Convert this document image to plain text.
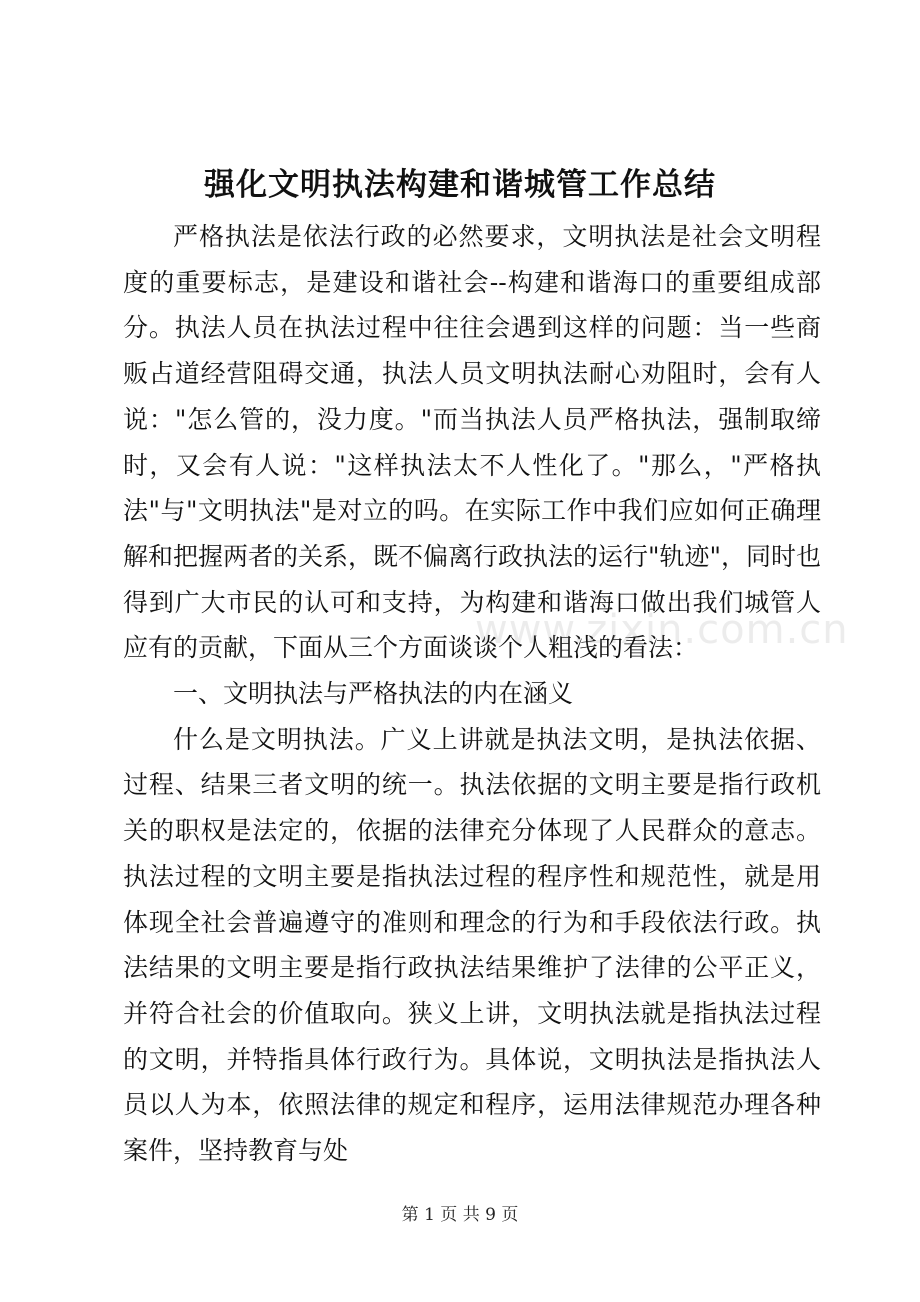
强化文明执法构建和谐城管工作总结

严格执法是依法行政的必然要求，文明执法是社会文明程度的重要标志，是建设和谐社会--构建和谐海口的重要组成部分。执法人员在执法过程中往往会遇到这样的问题：当一些商贩占道经营阻碍交通，执法人员文明执法耐心劝阻时，会有人说："怎么管的，没力度。"而当执法人员严格执法，强制取缔时，又会有人说："这样执法太不人性化了。"那么，"严格执法"与"文明执法"是对立的吗。在实际工作中我们应如何正确理解和把握两者的关系，既不偏离行政执法的运行"轨迹"，同时也得到广大市民的认可和支持，为构建和谐海口做出我们城管人应有的贡献，下面从三个方面谈谈个人粗浅的看法：

一、文明执法与严格执法的内在涵义

什么是文明执法。广义上讲就是执法文明，是执法依据、过程、结果三者文明的统一。执法依据的文明主要是指行政机关的职权是法定的，依据的法律充分体现了人民群众的意志。执法过程的文明主要是指执法过程的程序性和规范性，就是用体现全社会普遍遵守的准则和理念的行为和手段依法行政。执法结果的文明主要是指行政执法结果维护了法律的公平正义，并符合社会的价值取向。狭义上讲，文明执法就是指执法过程的文明，并特指具体行政行为。具体说，文明执法是指执法人员以人为本，依照法律的规定和程序，运用法律规范办理各种案件，坚持教育与处

www.zixin.com.cn
第 1 页 共 9 页
